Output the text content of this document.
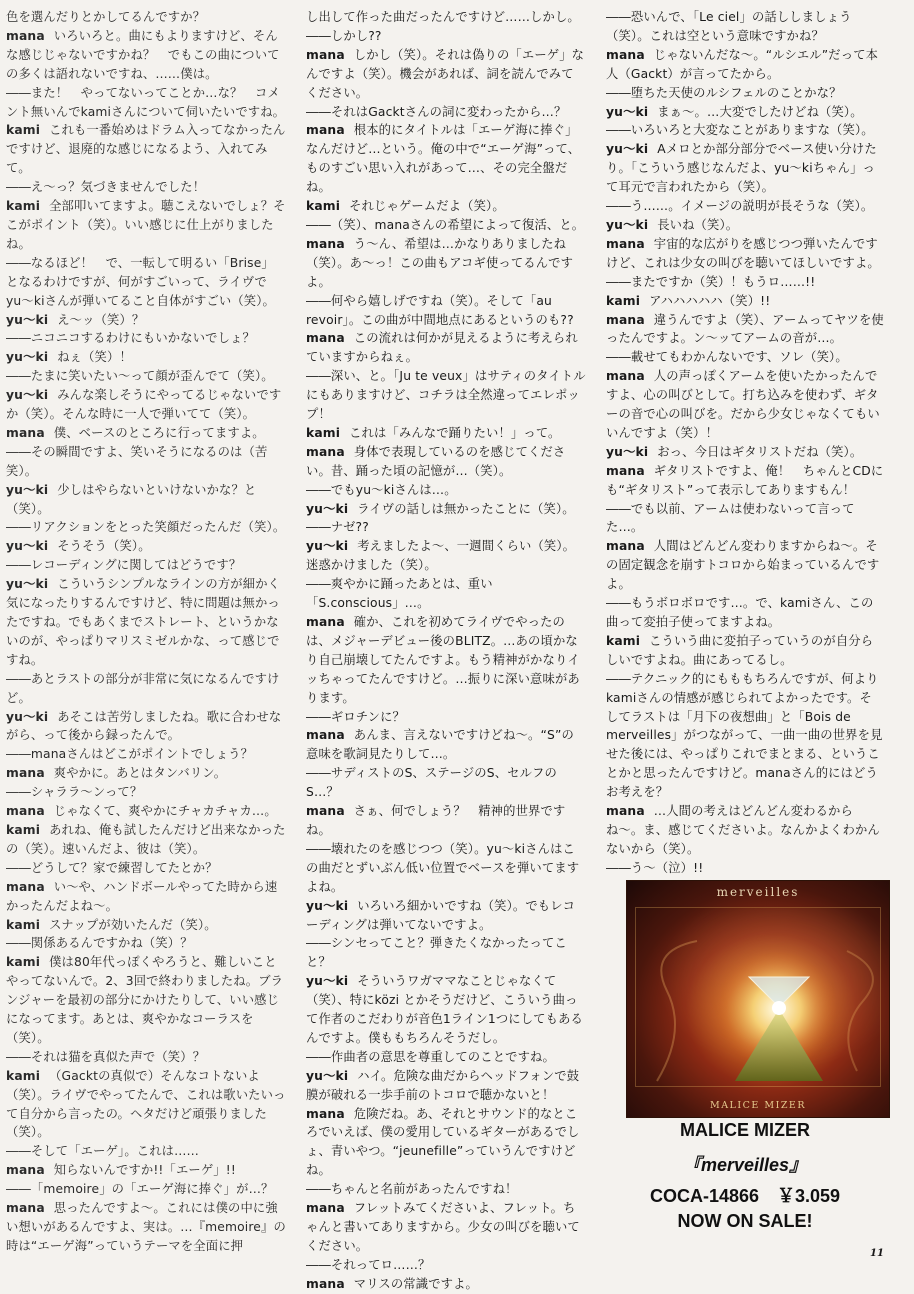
色を選んだりとかしてるんですか？

mana いろいろと。曲にもよりますけど、そんな感じじゃないですかね？　でもこの曲についての多くは語れないですね、……僕は。

――また！　やってないってことか…な？　コメント無いんでkamiさんについて伺いたいですね。

kami これも一番始めはドラム入ってなかったんですけど、退廃的な感じになるよう、入れてみて。

――え〜っ？気づきませんでした！

kami 全部叩いてますよ。聴こえないでしょ？そこがポイント（笑）。いい感じに仕上がりましたね。

――なるほど！　で、一転して明るい「Brise」となるわけですが、何がすごいって、ライヴでyu〜kiさんが弾いてること自体がすごい（笑）。

yu〜ki え〜ッ（笑）？

――ニコニコするわけにもいかないでしょ？

yu〜ki ねぇ（笑）！

――たまに笑いたい〜って顔が歪んでて（笑）。

yu〜ki みんな楽しそうにやってるじゃないですか（笑）。そんな時に一人で弾いてて（笑）。

mana 僕、ベースのところに行ってますよ。

――その瞬間ですよ、笑いそうになるのは（苦笑）。

yu〜ki 少しはやらないといけないかな？と（笑）。

――リアクションをとった笑顔だったんだ（笑）。

yu〜ki そうそう（笑）。

――レコーディングに関してはどうです？

yu〜ki こういうシンプルなラインの方が細かく気になったりするんですけど、特に問題は無かったですね。でもあくまでストレート、というかないのが、やっぱりマリスミゼルかな、って感じですね。

――あとラストの部分が非常に気になるんですけど。

yu〜ki あそこは苦労しましたね。歌に合わせながら、って後から録ったんで。

――manaさんはどこがポイントでしょう？

mana 爽やかに。あとはタンバリン。

――シャララ〜ンって？

mana じゃなくて、爽やかにチャカチャカ…。

kami あれね、俺も試したんだけど出来なかったの（笑）。速いんだよ、彼は（笑）。

――どうして？家で練習してたとか？

mana い〜や、ハンドボールやってた時から速かったんだよね〜。

kami スナップが効いたんだ（笑）。

――関係あるんですかね（笑）？

kami 僕は80年代っぽくやろうと、難しいことやってないんで。2、3回で終わりましたね。ブランジャーを最初の部分にかけたりして、いい感じになってます。あとは、爽やかなコーラスを（笑）。

――それは猫を真似た声で（笑）？

kami （Gacktの真似で）そんなコトないよ（笑）。ライヴでやってたんで、これは歌いたいって自分から言ったの。ヘタだけど頑張りました（笑）。

――そして「エーゲ」。これは……

mana 知らないんですか!!「エーゲ」!!

――「memoire」の「エーゲ海に捧ぐ」が…？

mana 思ったんですよ〜。これには僕の中に強い想いがあるんですよ、実は。…『memoire』の時は“エーゲ海”っていうテーマを全面に押

し出して作った曲だったんですけど……しかし。

――しかし??

mana しかし（笑）。それは偽りの「エーゲ」なんですよ（笑）。機会があれば、詞を読んでみてください。

――それはGacktさんの詞に変わったから…？

mana 根本的にタイトルは「エーゲ海に捧ぐ」なんだけど…という。俺の中で“エーゲ海”って、ものすごい思い入れがあって…、その完全盤だね。

kami それじゃゲームだよ（笑）。

――（笑）、manaさんの希望によって復活、と。

mana う〜ん、希望は…かなりありましたね（笑）。あ〜っ！この曲もアコギ使ってるんですよ。

――何やら嬉しげですね（笑）。そして「au revoir」。この曲が中間地点にあるというのも??

mana この流れは何かが見えるように考えられていますからねぇ。

――深い、と。「Ju te veux」はサティのタイトルにもありますけど、コチラは全然違ってエレポップ！

kami これは「みんなで踊りたい！」って。

mana 身体で表現しているのを感じてください。昔、踊った頃の記憶が…（笑）。

――でもyu〜kiさんは…。

yu〜ki ライヴの話しは無かったことに（笑）。

――ナゼ??

yu〜ki 考えましたよ〜、一週間くらい（笑）。迷惑かけました（笑）。

――爽やかに踊ったあとは、重い「S.conscious」…。

mana 確か、これを初めてライヴでやったのは、メジャーデビュー後のBLITZ。…あの頃かなり自己崩壊してたんですよ。もう精神がかなりイッちゃってたんですけど。…振りに深い意味があります。

――ギロチンに？

mana あんま、言えないですけどね〜。“S”の意味を歌詞見たりして…。

――サディストのS、ステージのS、セルフのS…？

mana さぁ、何でしょう？　精神的世界ですね。

――壊れたのを感じつつ（笑）。yu〜kiさんはこの曲だとずいぶん低い位置でベースを弾いてますよね。

yu〜ki いろいろ細かいですね（笑）。でもレコーディングは弾いてないですよ。

――シンセってこと？弾きたくなかったってこと？

yu〜ki そういうワガママなことじゃなくて（笑）、特にközi とかそうだけど、こういう曲って作者のこだわりが音色1ライン1つにしてもあるんですよ。僕ももちろんそうだし。

――作曲者の意思を尊重してのことですね。

yu〜ki ハイ。危険な曲だからヘッドフォンで鼓膜が破れる一歩手前のトコロで聴かないと！

mana 危険だね。あ、それとサウンド的なところでいえば、僕の愛用しているギターがあるでしょ、青いやつ。“jeunefille”っていうんですけどね。

――ちゃんと名前があったんですね！

mana フレットみてくださいよ、フレット。ちゃんと書いてありますから。少女の叫びを聴いてください。

――それってロ……？

mana マリスの常識ですよ。

――恐いんで、「Le ciel」の話ししましょう（笑）。これは空という意味ですかね？

mana じゃないんだな〜。“ルシエル”だって本人（Gackt）が言ってたから。

――堕ちた天使のルシフェルのことかな？

yu〜ki まぁ〜。…大変でしたけどね（笑）。

――いろいろと大変なことがありますな（笑）。

yu〜ki Aメロとか部分部分でベース使い分けたり。「こういう感じなんだよ、yu〜kiちゃん」って耳元で言われたから（笑）。

――う……。イメージの説明が長そうな（笑）。

yu〜ki 長いね（笑）。

mana 宇宙的な広がりを感じつつ弾いたんですけど、これは少女の叫びを聴いてほしいですよ。

――またですか（笑）！もうロ……!!

kami アハハハハハ（笑）!!

mana 違うんですよ（笑）、アームってヤツを使ったんですよ。ン〜ッてアームの音が…。

――載せてもわかんないです、ソレ（笑）。

mana 人の声っぽくアームを使いたかったんですよ、心の叫びとして。打ち込みを使わず、ギターの音で心の叫びを。だから少女じゃなくてもいいんですよ（笑）！

yu〜ki おっ、今日はギタリストだね（笑）。

mana ギタリストですよ、俺！　ちゃんとCDにも“ギタリスト”って表示してありますもん！

――でも以前、アームは使わないって言ってた…。

mana 人間はどんどん変わりますからね〜。その固定観念を崩すトコロから始まっているんですよ。

――もうボロボロです…。で、kamiさん、この曲って変拍子使ってますよね。

kami こういう曲に変拍子っていうのが自分らしいですよね。曲にあってるし。

――テクニック的にもももちろんですが、何よりkamiさんの情感が感じられてよかったです。そしてラストは「月下の夜想曲」と「Bois de merveilles」がつながって、一曲一曲の世界を見せた後には、やっぱりこれでまとまる、ということかと思ったんですけど。manaさん的にはどうお考えを？

mana …人間の考えはどんどん変わるからね〜。ま、感じてくださいよ。なんかよくわかんないから（笑）。

――う〜（泣）!!

merveilles
MALICE MIZER
MALICE MIZER
『merveilles』
COCA-14866　￥3.059
NOW ON SALE!
11
